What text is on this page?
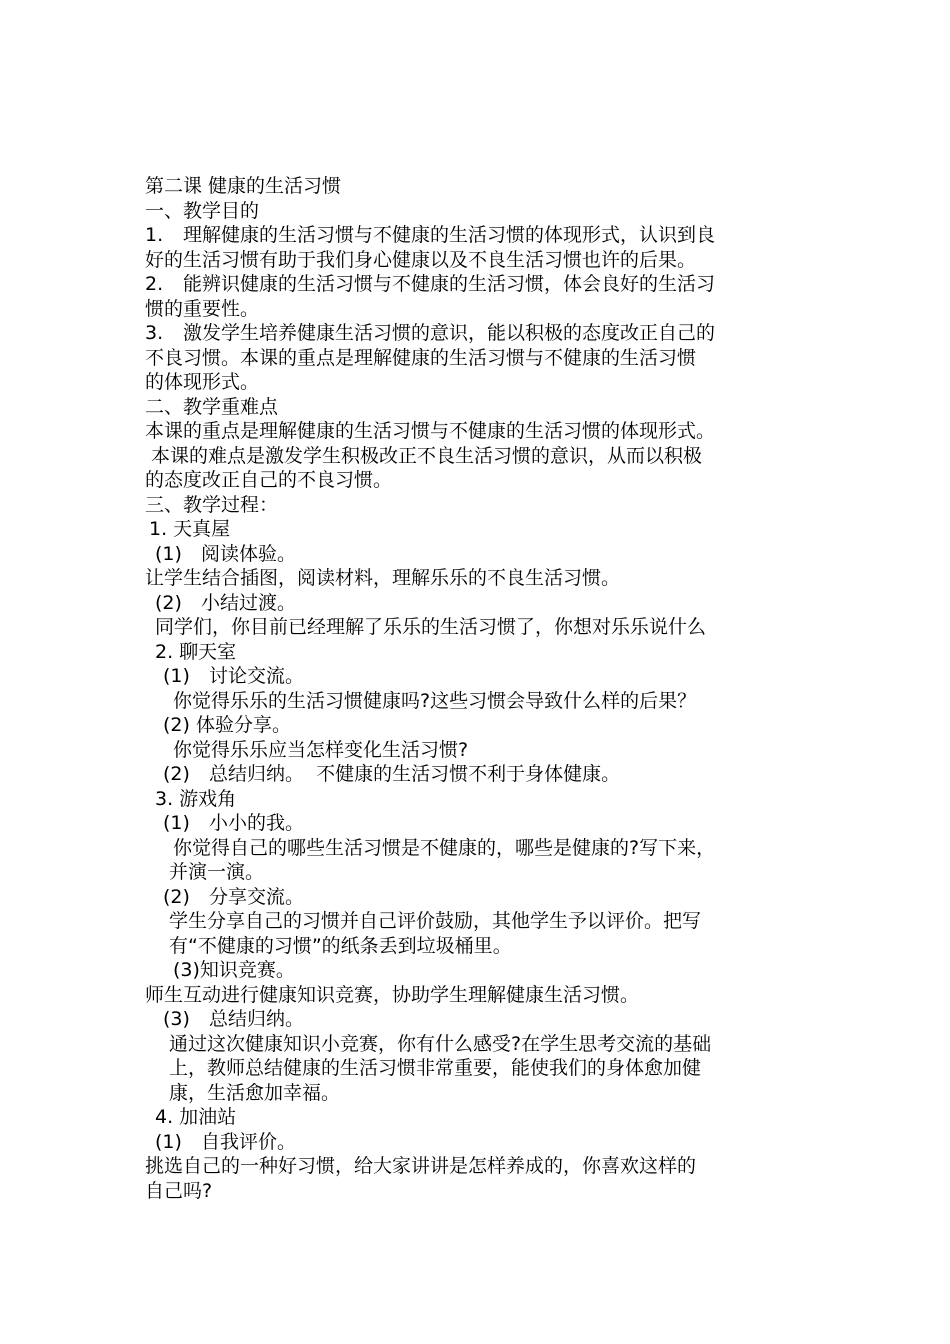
第二课 健康的生活习惯
一、教学目的
1. 理解健康的生活习惯与不健康的生活习惯的体现形式，认识到良
好的生活习惯有助于我们身心健康以及不良生活习惯也许的后果。
2. 能辨识健康的生活习惯与不健康的生活习惯，体会良好的生活习
惯的重要性。
3. 激发学生培养健康生活习惯的意识，能以积极的态度改正自己的
不良习惯。本课的重点是理解健康的生活习惯与不健康的生活习惯
的体现形式。
二、教学重难点
本课的重点是理解健康的生活习惯与不健康的生活习惯的体现形式。
本课的难点是激发学生积极改正不良生活习惯的意识，从而以积极
的态度改正自己的不良习惯。
三、教学过程：
1. 天真屋
(1) 阅读体验。
让学生结合插图，阅读材料，理解乐乐的不良生活习惯。
(2) 小结过渡。
同学们，你目前已经理解了乐乐的生活习惯了，你想对乐乐说什么
2. 聊天室
(1) 讨论交流。
你觉得乐乐的生活习惯健康吗?这些习惯会导致什么样的后果？
(2) 体验分享。
你觉得乐乐应当怎样变化生活习惯?
(2) 总结归纳。  不健康的生活习惯不利于身体健康。
3. 游戏角
(1) 小小的我。
你觉得自己的哪些生活习惯是不健康的，哪些是健康的?写下来，
并演一演。
(2) 分享交流。
学生分享自己的习惯并自己评价鼓励，其他学生予以评价。把写
有“不健康的习惯”的纸条丢到垃圾桶里。
(3)知识竞赛。
师生互动进行健康知识竞赛，协助学生理解健康生活习惯。
(3) 总结归纳。
通过这次健康知识小竞赛，你有什么感受?在学生思考交流的基础
上，教师总结健康的生活习惯非常重要，能使我们的身体愈加健
康，生活愈加幸福。
4. 加油站
(1) 自我评价。
挑选自己的一种好习惯，给大家讲讲是怎样养成的，你喜欢这样的
自己吗?
